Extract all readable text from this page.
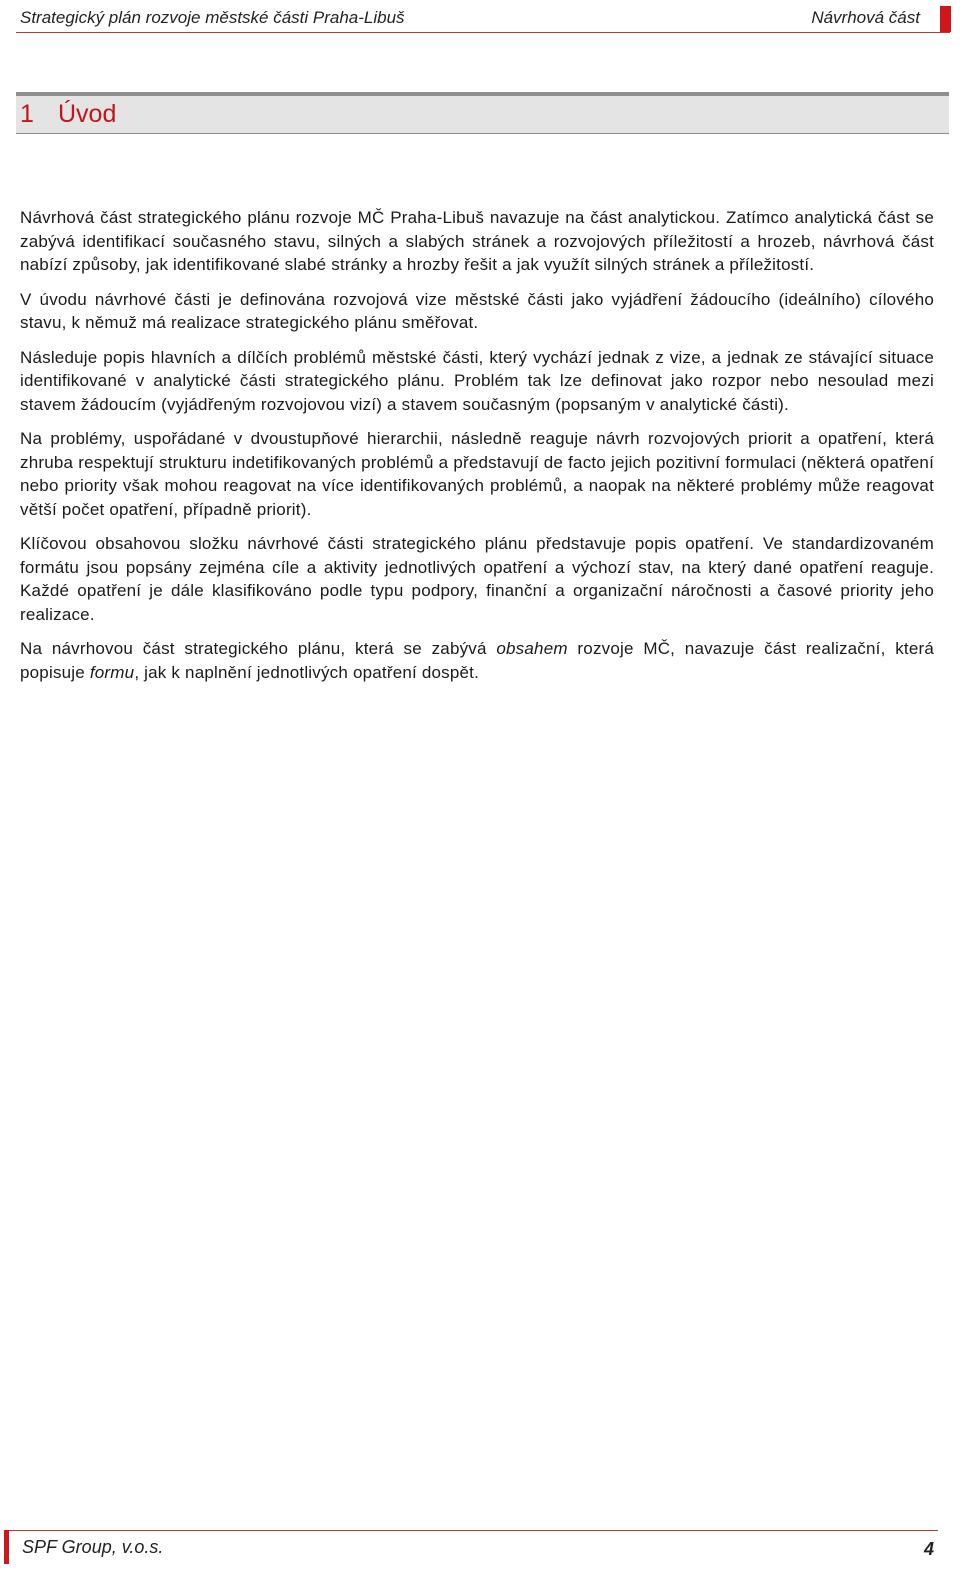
Strategický plán rozvoje městské části Praha-Libuš	Návrhová část
1 Úvod

Návrhová část strategického plánu rozvoje MČ Praha-Libuš navazuje na část analytickou. Zatímco analytická část se zabývá identifikací současného stavu, silných a slabých stránek a rozvojových příležitostí a hrozeb, návrhová část nabízí způsoby, jak identifikované slabé stránky a hrozby řešit a jak využít silných stránek a příležitostí.

V úvodu návrhové části je definována rozvojová vize městské části jako vyjádření žádoucího (ideálního) cílového stavu, k němuž má realizace strategického plánu směřovat.

Následuje popis hlavních a dílčích problémů městské části, který vychází jednak z vize, a jednak ze stávající situace identifikované v analytické části strategického plánu. Problém tak lze definovat jako rozpor nebo nesoulad mezi stavem žádoucím (vyjádřeným rozvojovou vizí) a stavem současným (popsaným v analytické části).

Na problémy, uspořádané v dvoustupňové hierarchii, následně reaguje návrh rozvojových priorit a opatření, která zhruba respektují strukturu indetifikovaných problémů a představují de facto jejich pozitivní formulaci (některá opatření nebo priority však mohou reagovat na více identifikovaných problémů, a naopak na některé problémy může reagovat větší počet opatření, případně priorit).

Klíčovou obsahovou složku návrhové části strategického plánu představuje popis opatření. Ve standardizovaném formátu jsou popsány zejména cíle a aktivity jednotlivých opatření a výchozí stav, na který dané opatření reaguje. Každé opatření je dále klasifikováno podle typu podpory, finanční a organizační náročnosti a časové priority jeho realizace.

Na návrhovou část strategického plánu, která se zabývá obsahem rozvoje MČ, navazuje část realizační, která popisuje formu, jak k naplnění jednotlivých opatření dospět.

SPF Group, v.o.s.	4
